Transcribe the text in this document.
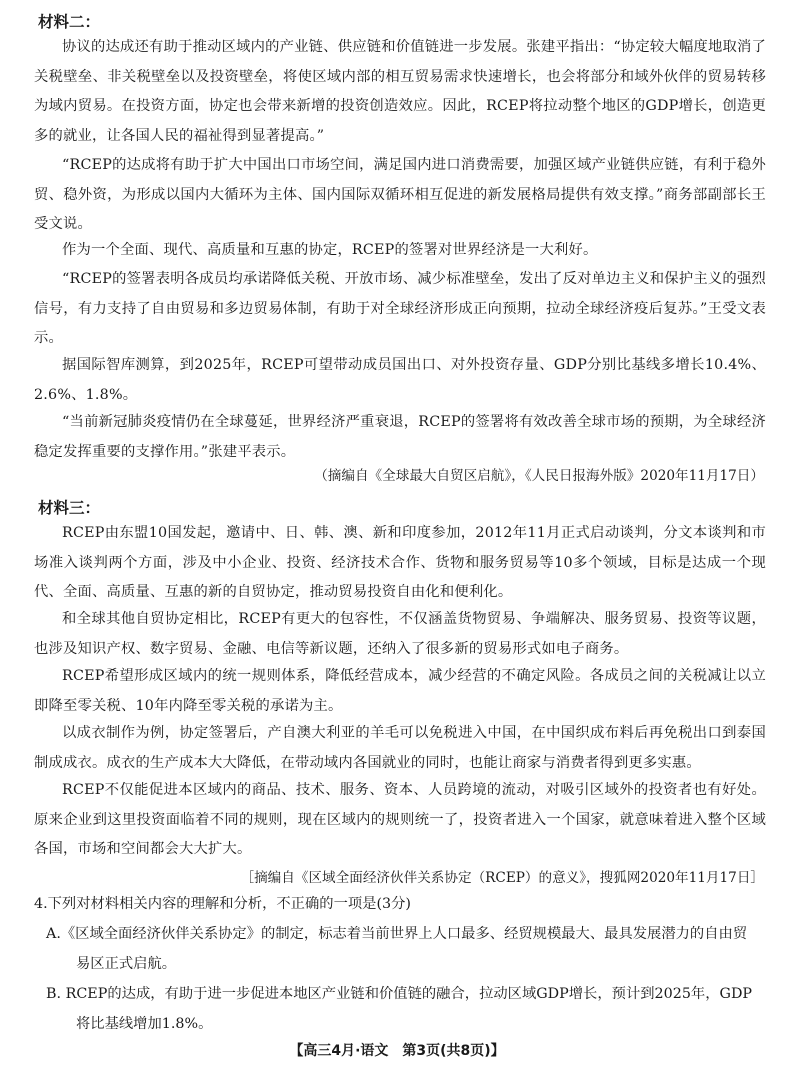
材料二：
协议的达成还有助于推动区域内的产业链、供应链和价值链进一步发展。张建平指出：“协定较大幅度地取消了关税壁垒、非关税壁垒以及投资壁垒，将使区域内部的相互贸易需求快速增长，也会将部分和域外伙伴的贸易转移为域内贸易。在投资方面，协定也会带来新增的投资创造效应。因此，RCEP将拉动整个地区的GDP增长，创造更多的就业，让各国人民的福祉得到显著提高。”
“RCEP的达成将有助于扩大中国出口市场空间，满足国内进口消费需要，加强区域产业链供应链，有利于稳外贸、稳外资，为形成以国内大循环为主体、国内国际双循环相互促进的新发展格局提供有效支撑。”商务部副部长王受文说。
作为一个全面、现代、高质量和互惠的协定，RCEP的签署对世界经济是一大利好。
“RCEP的签署表明各成员均承诺降低关税、开放市场、减少标准壁垒，发出了反对单边主义和保护主义的强烈信号，有力支持了自由贸易和多边贸易体制，有助于对全球经济形成正向预期，拉动全球经济疫后复苏。”王受文表示。
据国际智库测算，到2025年，RCEP可望带动成员国出口、对外投资存量、GDP分别比基线多增长10.4%、2.6%、1.8%。
“当前新冠肺炎疫情仍在全球蔓延，世界经济严重衰退，RCEP的签署将有效改善全球市场的预期，为全球经济稳定发挥重要的支撑作用。”张建平表示。
（摘编自《全球最大自贸区启航》，《人民日报海外版》2020年11月17日）
材料三：
RCEP由东盟10国发起，邀请中、日、韩、澳、新和印度参加，2012年11月正式启动谈判，分文本谈判和市场准入谈判两个方面，涉及中小企业、投资、经济技术合作、货物和服务贸易等10多个领域，目标是达成一个现代、全面、高质量、互惠的新的自贸协定，推动贸易投资自由化和便利化。
和全球其他自贸协定相比，RCEP有更大的包容性，不仅涵盖货物贸易、争端解决、服务贸易、投资等议题，也涉及知识产权、数字贸易、金融、电信等新议题，还纳入了很多新的贸易形式如电子商务。
RCEP希望形成区域内的统一规则体系，降低经营成本，减少经营的不确定风险。各成员之间的关税减让以立即降至零关税、10年内降至零关税的承诺为主。
以成衣制作为例，协定签署后，产自澳大利亚的羊毛可以免税进入中国，在中国织成布料后再免税出口到泰国制成成衣。成衣的生产成本大大降低，在带动域内各国就业的同时，也能让商家与消费者得到更多实惠。
RCEP不仅能促进本区域内的商品、技术、服务、资本、人员跨境的流动，对吸引区域外的投资者也有好处。原来企业到这里投资面临着不同的规则，现在区域内的规则统一了，投资者进入一个国家，就意味着进入整个区域各国，市场和空间都会大大扩大。
［摘编自《区域全面经济伙伴关系协定（RCEP）的意义》，搜狐网2020年11月17日］
4.下列对材料相关内容的理解和分析，不正确的一项是(3分)
A.《区域全面经济伙伴关系协定》的制定，标志着当前世界上人口最多、经贸规模最大、最具发展潜力的自由贸
易区正式启航。
B. RCEP的达成，有助于进一步促进本地区产业链和价值链的融合，拉动区域GDP增长，预计到2025年，GDP
将比基线增加1.8%。
【高三4月·语文　第3页(共8页)】
